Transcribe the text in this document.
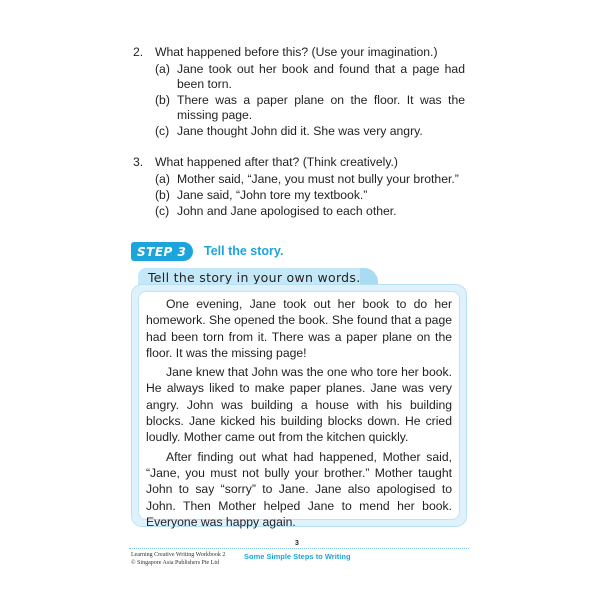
2. What happened before this? (Use your imagination.)
(a) Jane took out her book and found that a page had been torn.
(b) There was a paper plane on the floor. It was the missing page.
(c) Jane thought John did it. She was very angry.
3. What happened after that? (Think creatively.)
(a) Mother said, “Jane, you must not bully your brother.”
(b) Jane said, “John tore my textbook.”
(c) John and Jane apologised to each other.
STEP 3	Tell the story.
Tell the story in your own words.

One evening, Jane took out her book to do her homework. She opened the book. She found that a page had been torn from it. There was a paper plane on the floor. It was the missing page!

Jane knew that John was the one who tore her book. He always liked to make paper planes. Jane was very angry. John was building a house with his building blocks. Jane kicked his building blocks down. He cried loudly. Mother came out from the kitchen quickly.

After finding out what had happened, Mother said, “Jane, you must not bully your brother.” Mother taught John to say “sorry” to Jane. Jane also apologised to John. Then Mother helped Jane to mend her book. Everyone was happy again.

3
Learning Creative Writing Workbook 2
© Singapore Asia Publishers Pte Ltd
Some Simple Steps to Writing
